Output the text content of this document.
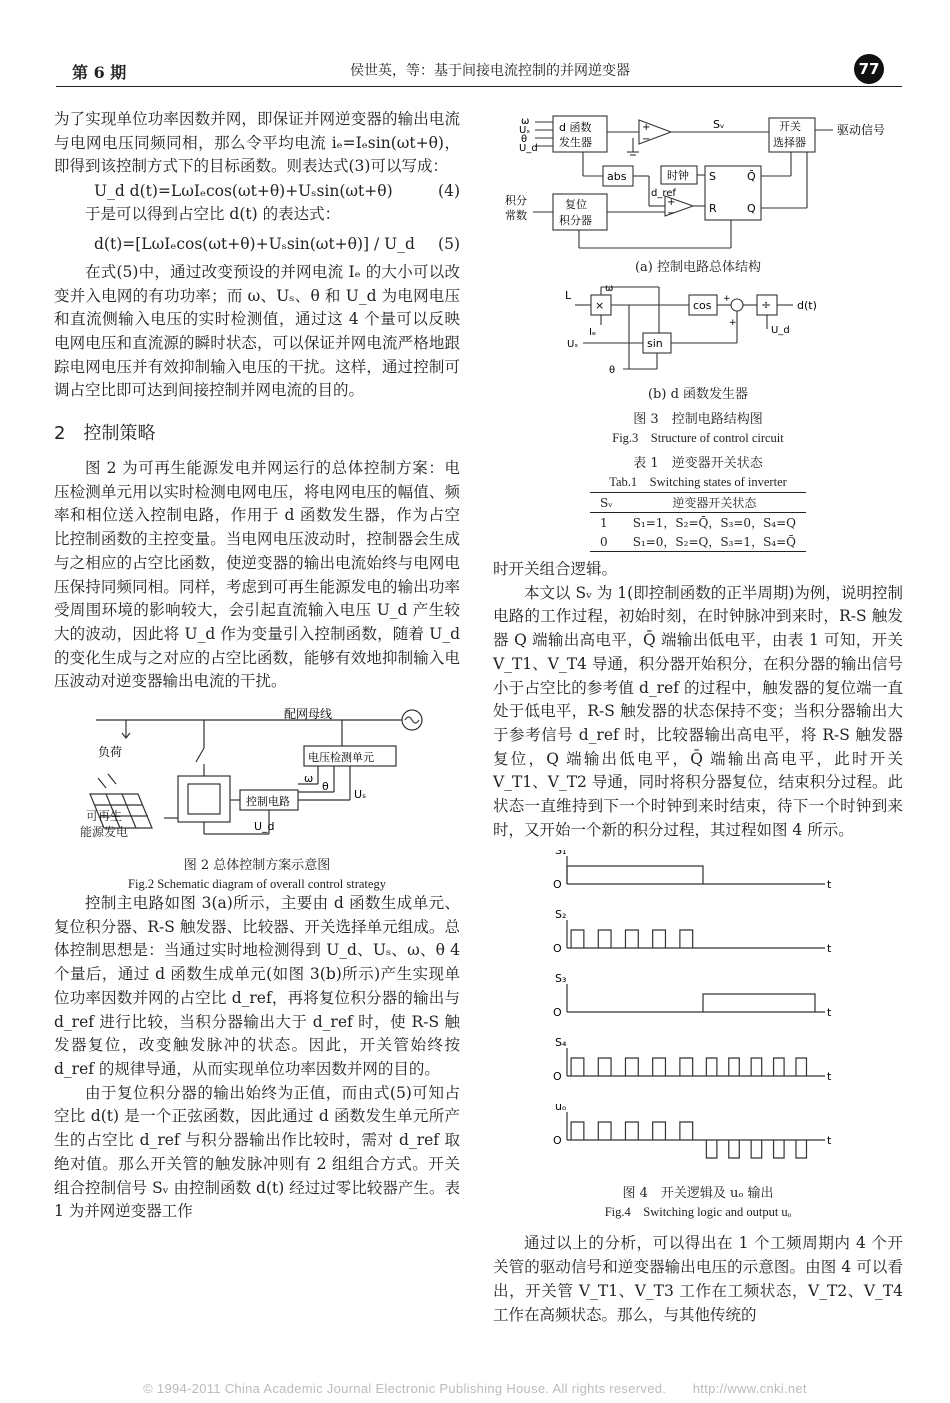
第 6 期	侯世英，等：基于间接电流控制的并网逆变器	77

为了实现单位功率因数并网，即保证并网逆变器的输出电流与电网电压同频同相，那么令平均电流 iₑ=Iₑsin(ωt+θ)，即得到该控制方式下的目标函数。则表达式(3)可以写成：

U_d d(t)=LωIₑcos(ωt+θ)+Uₛsin(ωt+θ)	(4)

于是可以得到占空比 d(t) 的表达式：

d(t)=[LωIₑcos(ωt+θ)+Uₛsin(ωt+θ)] / U_d (5)

在式(5)中，通过改变预设的并网电流 Iₑ 的大小可以改变并入电网的有功功率；而 ω、Uₛ、θ 和 U_d 为电网电压和直流侧输入电压的实时检测值，通过这 4 个量可以反映电网电压和直流源的瞬时状态，可以保证并网电流严格地跟踪电网电压并有效抑制输入电压的干扰。这样，通过控制可调占空比即可达到间接控制并网电流的目的。

2　控制策略

图 2 为可再生能源发电并网运行的总体控制方案：电压检测单元用以实时检测电网电压，将电网电压的幅值、频率和相位送入控制电路，作用于 d 函数发生器，作为占空比控制函数的主控变量。当电网电压波动时，控制器会生成与之相应的占空比函数，使逆变器的输出电流始终与电网电压保持同频同相。同样，考虑到可再生能源发电的输出功率受周围环境的影响较大，会引起直流输入电压 U_d 产生较大的波动，因此将 U_d 作为变量引入控制函数，随着 U_d 的变化生成与之对应的占空比函数，能够有效地抑制输入电压波动对逆变器输出电流的干扰。

配网母线
负荷	电压检测单元
控制电路
ω
θ
Uₛ
U_d
可再生
能源发电
图 2 总体控制方案示意图
Fig.2 Schematic diagram of overall control strategy

控制主电路如图 3(a)所示，主要由 d 函数生成单元、复位积分器、R-S 触发器、比较器、开关选择单元组成。总体控制思想是：当通过实时地检测得到 U_d、Uₛ、ω、θ 4 个量后，通过 d 函数生成单元(如图 3(b)所示)产生实现单位功率因数并网的占空比 d_ref，再将复位积分器的输出与 d_ref 进行比较，当积分器输出大于 d_ref 时，使 R-S 触发器复位，改变触发脉冲的状态。因此，开关管始终按 d_ref 的规律导通，从而实现单位功率因数并网的目的。

由于复位积分器的输出始终为正值，而由式(5)可知占空比 d(t) 是一个正弦函数，因此通过 d 函数发生单元所产生的占空比 d_ref 与积分器输出作比较时，需对 d_ref 取绝对值。那么开关管的触发脉冲则有 2 组组合方式。开关组合控制信号 Sᵥ 由控制函数 d(t) 经过过零比较器产生。表 1 为并网逆变器工作

ω
Uₛ
θ
U_d
d 函数
发生器
+
−
Sᵥ	开关
选择器
驱动信号
abs	时钟 S
R
Q̄
Q
d_ref
+
−
积分
常数
复位
积分器
(a) 控制电路总体结构
L
ω
×
Iₑ
cos
sin
÷ d(t)
U_d
Uₛ
θ
+
+
(b) d 函数发生器
图 3　控制电路结构图
Fig.3　Structure of control circuit
表 1　逆变器开关状态
Tab.1　Switching states of inverter
Sᵥ	逆变器开关状态
1	S₁=1，S₂=Q̄，S₃=0，S₄=Q
0	S₁=0，S₂=Q，S₃=1，S₄=Q̄

时开关组合逻辑。

本文以 Sᵥ 为 1(即控制函数的正半周期)为例，说明控制电路的工作过程，初始时刻，在时钟脉冲到来时，R-S 触发器 Q 端输出高电平，Q̄ 端输出低电平，由表 1 可知，开关 V_T1、V_T4 导通，积分器开始积分，在积分器的输出信号小于占空比的参考值 d_ref 的过程中，触发器的复位端一直处于低电平，R-S 触发器的状态保持不变；当积分器输出大于参考信号 d_ref 时，比较器输出高电平，将 R-S 触发器复位，Q 端输出低电平，Q̄ 端输出高电平，此时开关 V_T1、V_T2 导通，同时将积分器复位，结束积分过程。此状态一直维持到下一个时钟到来时结束，待下一个时钟到来时，又开始一个新的积分过程，其过程如图 4 所示。

S₁
O	t
S₂
O	t
S₃
O	t
S₄
O	t
uₒ
O	t
图 4　开关逻辑及 uₒ 输出
Fig.4　Switching logic and output uₒ

通过以上的分析，可以得出在 1 个工频周期内 4 个开关管的驱动信号和逆变器输出电压的示意图。由图 4 可以看出，开关管 V_T1、V_T3 工作在工频状态，V_T2、V_T4 工作在高频状态。那么，与其他传统的

© 1994-2011 China Academic Journal Electronic Publishing House. All rights reserved.　　http://www.cnki.net
